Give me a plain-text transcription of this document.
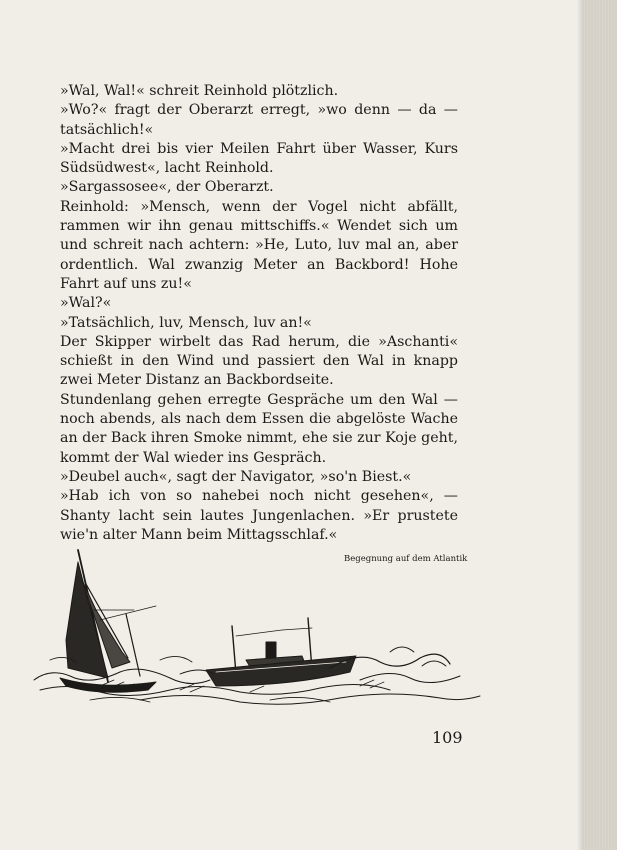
»Wal, Wal!« schreit Reinhold plötzlich.

»Wo?« fragt der Oberarzt erregt, »wo denn — da — tatsächlich!«

»Macht drei bis vier Meilen Fahrt über Wasser, Kurs Südsüdwest«, lacht Reinhold.

»Sargassosee«, der Oberarzt.

Reinhold: »Mensch, wenn der Vogel nicht abfällt, rammen wir ihn genau mittschiffs.« Wendet sich um und schreit nach achtern: »He, Luto, luv mal an, aber ordentlich. Wal zwanzig Meter an Backbord! Hohe Fahrt auf uns zu!«

»Wal?«

»Tatsächlich, luv, Mensch, luv an!«

Der Skipper wirbelt das Rad herum, die »Aschanti« schießt in den Wind und passiert den Wal in knapp zwei Meter Distanz an Backbordseite.

Stundenlang gehen erregte Gespräche um den Wal — noch abends, als nach dem Essen die abgelöste Wache an der Back ihren Smoke nimmt, ehe sie zur Koje geht, kommt der Wal wieder ins Gespräch.

»Deubel auch«, sagt der Navigator, »so'n Biest.«

»Hab ich von so nahebei noch nicht gesehen«, — Shanty lacht sein lautes Jungenlachen. »Er prustete wie'n alter Mann beim Mittagsschlaf.«

Begegnung auf dem Atlantik
109
